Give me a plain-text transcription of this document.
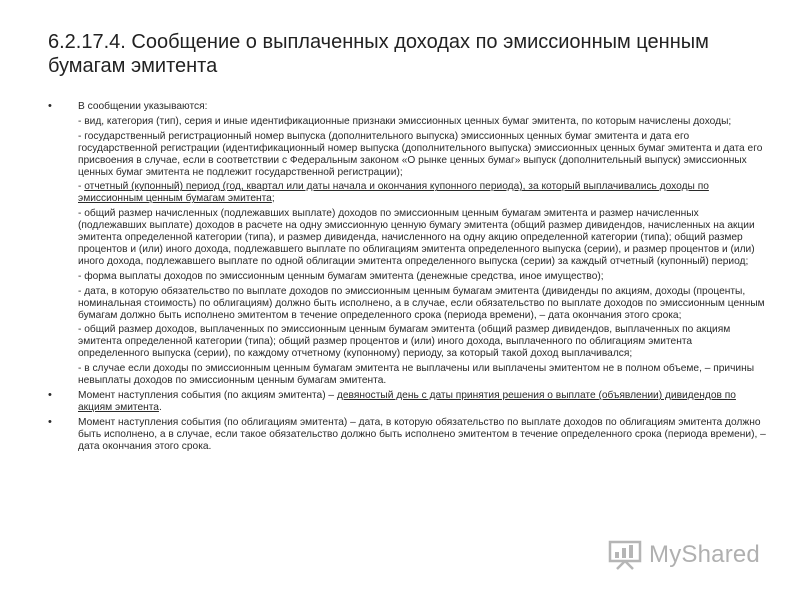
6.2.17.4. Сообщение о выплаченных доходах по эмиссионным ценным бумагам эмитента
• В сообщении указываются:
- вид, категория (тип), серия и иные идентификационные признаки эмиссионных ценных бумаг эмитента, по которым начислены доходы;
- государственный регистрационный номер выпуска (дополнительного выпуска) эмиссионных ценных бумаг эмитента и дата его государственной регистрации (идентификационный номер выпуска (дополнительного выпуска) эмиссионных ценных бумаг эмитента и дата его присвоения в случае, если в соответствии с Федеральным законом «О рынке ценных бумаг» выпуск (дополнительный выпуск) эмиссионных ценных бумаг эмитента не подлежит государственной регистрации);
- отчетный (купонный) период (год, квартал или даты начала и окончания купонного периода), за который выплачивались доходы по эмиссионным ценным бумагам эмитента;
- общий размер начисленных (подлежавших выплате) доходов по эмиссионным ценным бумагам эмитента и размер начисленных (подлежавших выплате) доходов в расчете на одну эмиссионную ценную бумагу эмитента (общий размер дивидендов, начисленных на акции эмитента определенной категории (типа), и размер дивиденда, начисленного на одну акцию определенной категории (типа); общий размер процентов и (или) иного дохода, подлежавшего выплате по облигациям эмитента определенного выпуска (серии), и размер процентов и (или) иного дохода, подлежавшего выплате по одной облигации эмитента определенного выпуска (серии) за каждый отчетный (купонный) период;
- форма выплаты доходов по эмиссионным ценным бумагам эмитента (денежные средства, иное имущество);
- дата, в которую обязательство по выплате доходов по эмиссионным ценным бумагам эмитента (дивиденды по акциям, доходы (проценты, номинальная стоимость) по облигациям) должно быть исполнено, а в случае, если обязательство по выплате доходов по эмиссионным ценным бумагам должно быть исполнено эмитентом в течение определенного срока (периода времени), – дата окончания этого срока;
- общий размер доходов, выплаченных по эмиссионным ценным бумагам эмитента (общий размер дивидендов, выплаченных по акциям эмитента определенной категории (типа); общий размер процентов и (или) иного дохода, выплаченного по облигациям эмитента определенного выпуска (серии), по каждому отчетному (купонному) периоду, за который такой доход выплачивался;
- в случае если доходы по эмиссионным ценным бумагам эмитента не выплачены или выплачены эмитентом не в полном объеме, – причины невыплаты доходов по эмиссионным ценным бумагам эмитента.
• Момент наступления события (по акциям эмитента) – девяностый день с даты принятия решения о выплате (объявлении) дивидендов по акциям эмитента.
• Момент наступления события (по облигациям эмитента) – дата, в которую обязательство по выплате доходов по облигациям эмитента должно быть исполнено, а в случае, если такое обязательство должно быть исполнено эмитентом в течение определенного срока (периода времени), – дата окончания этого срока.
MyShared
